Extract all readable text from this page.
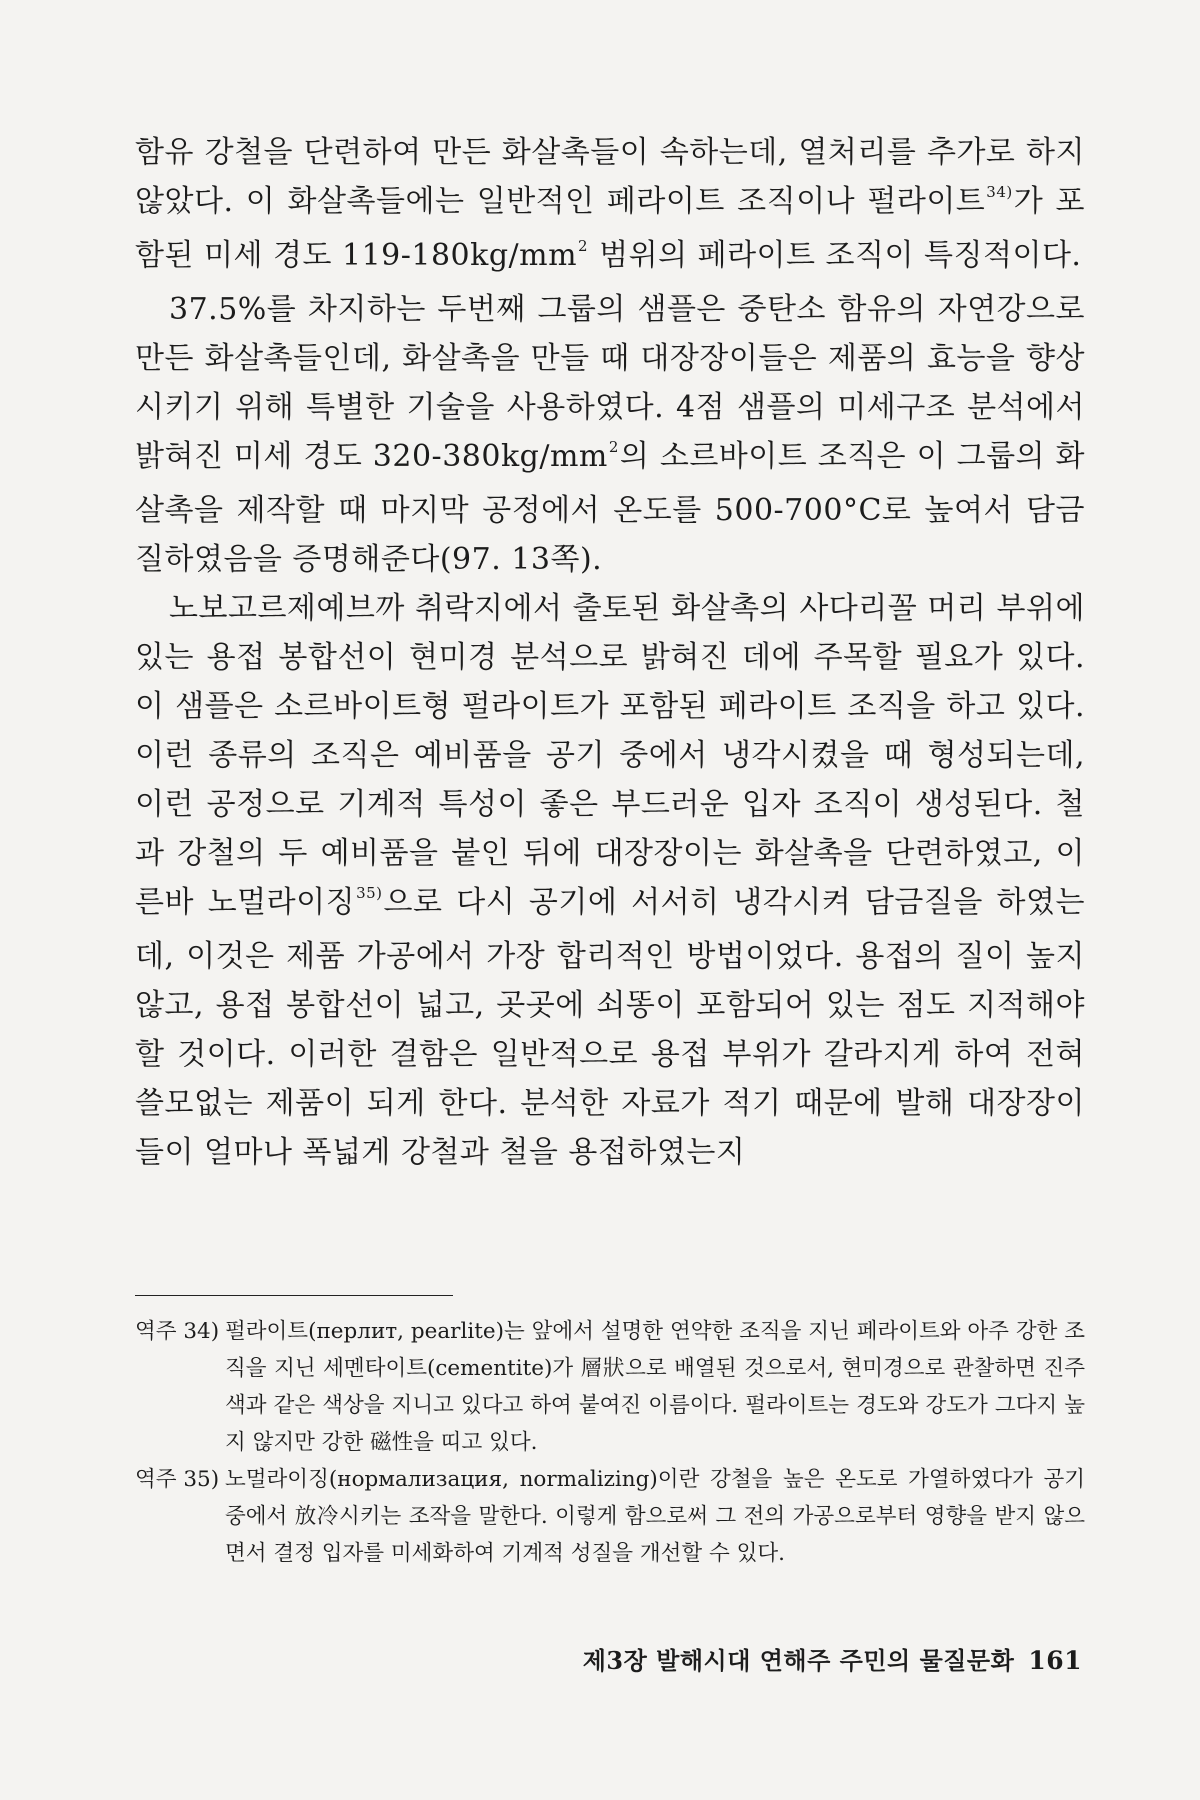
함유 강철을 단련하여 만든 화살촉들이 속하는데, 열처리를 추가로 하지 않았다. 이 화살촉들에는 일반적인 페라이트 조직이나 펄라이트$^{34)}$가 포함된 미세 경도 $119-180kg/mm^2$ 범위의 페라이트 조직이 특징적이다.

37.5%를 차지하는 두번째 그룹의 샘플은 중탄소 함유의 자연강으로 만든 화살촉들인데, 화살촉을 만들 때 대장장이들은 제품의 효능을 향상시키기 위해 특별한 기술을 사용하였다. 4점 샘플의 미세구조 분석에서 밝혀진 미세 경도 $320-380kg/mm^2$의 소르바이트 조직은 이 그룹의 화살촉을 제작할 때 마지막 공정에서 온도를 500-700°C로 높여서 담금질하였음을 증명해준다(97. 13쪽).

노보고르제예브까 취락지에서 출토된 화살촉의 사다리꼴 머리 부위에 있는 용접 봉합선이 현미경 분석으로 밝혀진 데에 주목할 필요가 있다. 이 샘플은 소르바이트형 펄라이트가 포함된 페라이트 조직을 하고 있다. 이런 종류의 조직은 예비품을 공기 중에서 냉각시켰을 때 형성되는데, 이런 공정으로 기계적 특성이 좋은 부드러운 입자 조직이 생성된다. 철과 강철의 두 예비품을 붙인 뒤에 대장장이는 화살촉을 단련하였고, 이른바 노멀라이징$^{35)}$으로 다시 공기에 서서히 냉각시켜 담금질을 하였는데, 이것은 제품 가공에서 가장 합리적인 방법이었다. 용접의 질이 높지 않고, 용접 봉합선이 넓고, 곳곳에 쇠똥이 포함되어 있는 점도 지적해야 할 것이다. 이러한 결함은 일반적으로 용접 부위가 갈라지게 하여 전혀 쓸모없는 제품이 되게 한다. 분석한 자료가 적기 때문에 발해 대장장이들이 얼마나 폭넓게 강철과 철을 용접하였는지

역주 34) 펄라이트(перлит, pearlite)는 앞에서 설명한 연약한 조직을 지닌 페라이트와 아주 강한 조직을 지닌 세멘타이트(cementite)가 層狀으로 배열된 것으로서, 현미경으로 관찰하면 진주색과 같은 색상을 지니고 있다고 하여 붙여진 이름이다. 펄라이트는 경도와 강도가 그다지 높지 않지만 강한 磁性을 띠고 있다.
역주 35) 노멀라이징(нормализация, normalizing)이란 강철을 높은 온도로 가열하였다가 공기 중에서 放冷시키는 조작을 말한다. 이렇게 함으로써 그 전의 가공으로부터 영향을 받지 않으면서 결정 입자를 미세화하여 기계적 성질을 개선할 수 있다.
제3장 발해시대 연해주 주민의 물질문화 161
